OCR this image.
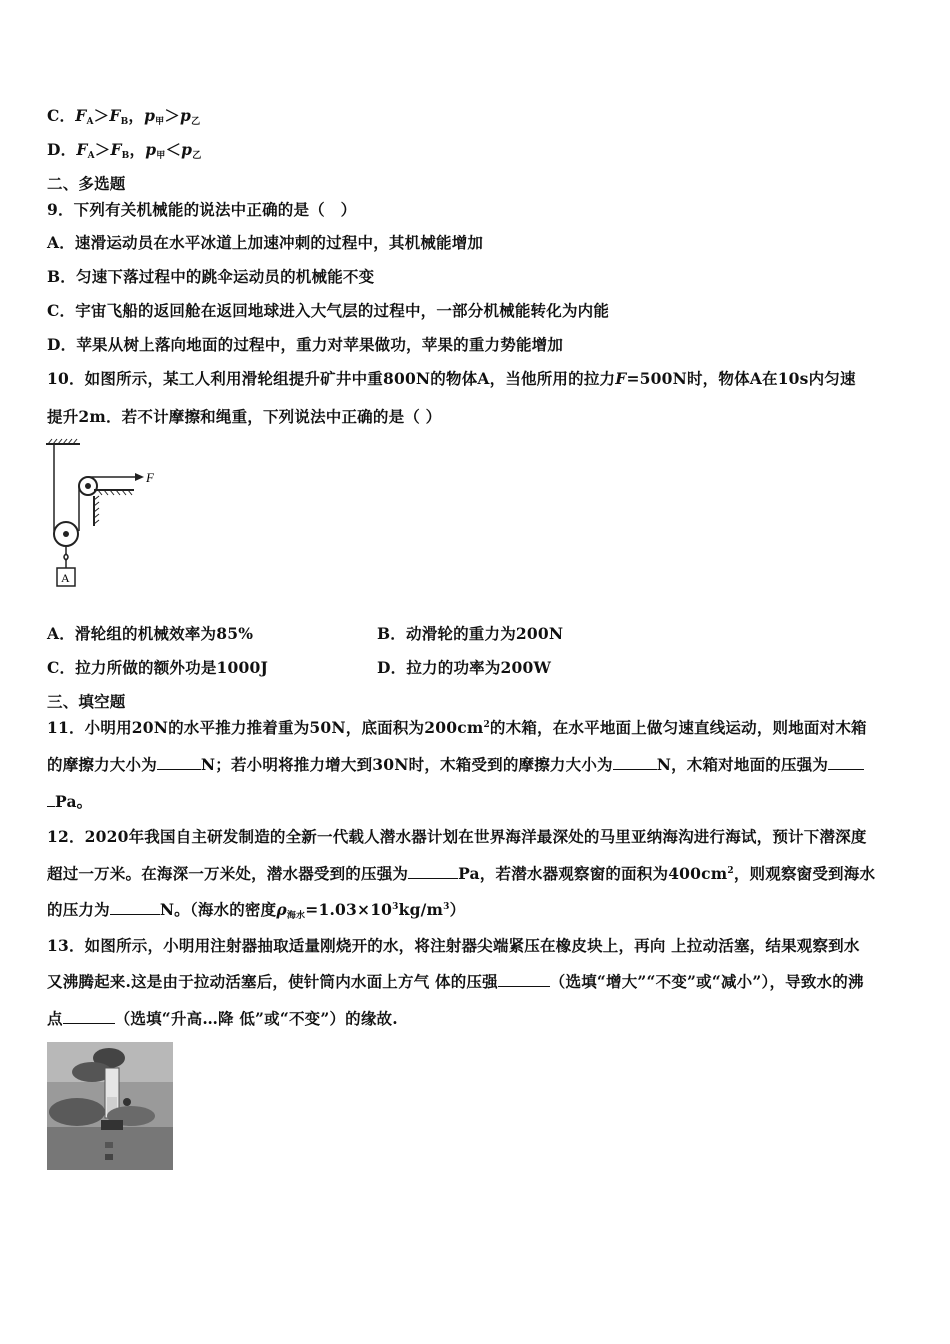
C．$F_A>F_B$，$p_甲>p_乙$
D．$F_A>F_B$，$p_甲<p_乙$
二、多选题
9．下列有关机械能的说法中正确的是（　）
A．速滑运动员在水平冰道上加速冲刺的过程中，其机械能增加
B．匀速下落过程中的跳伞运动员的机械能不变
C．宇宙飞船的返回舱在返回地球进入大气层的过程中，一部分机械能转化为内能
D．苹果从树上落向地面的过程中，重力对苹果做功，苹果的重力势能增加
10．如图所示，某工人利用滑轮组提升矿井中重800N的物体A，当他所用的拉力F=500N时，物体A在10s内匀速
提升2m．若不计摩擦和绳重，下列说法中正确的是（ ）
F
A
A．滑轮组的机械效率为85%	B．动滑轮的重力为200N
C．拉力所做的额外功是1000J	D．拉力的功率为200W
三、填空题
11．小明用20N的水平推力推着重为50N，底面积为$200cm^2$的木箱，在水平地面上做匀速直线运动，则地面对木箱
的摩擦力大小为	N；若小明将推力增大到30N时，木箱受到的摩擦力大小为	N，木箱对地面的压强为
Pa。
12．2020年我国自主研发制造的全新一代载人潜水器计划在世界海洋最深处的马里亚纳海沟进行海试，预计下潜深度
超过一万米。在海深一万米处，潜水器受到的压强为	Pa，若潜水器观察窗的面积为$400cm^2$，则观察窗受到海水
的压力为	N。（海水的密度$\rho_{海水}=1.03\times 10^3kg/m^3$）
13．如图所示，小明用注射器抽取适量刚烧开的水，将注射器尖端紧压在橡皮块上，再向 上拉动活塞，结果观察到水
又沸腾起来.这是由于拉动活塞后，使针筒内水面上方气 体的压强	（选填“增大”“不变”或“减小”），导致水的沸
点	（选填“升高…降 低”或“不变”）的缘故.
